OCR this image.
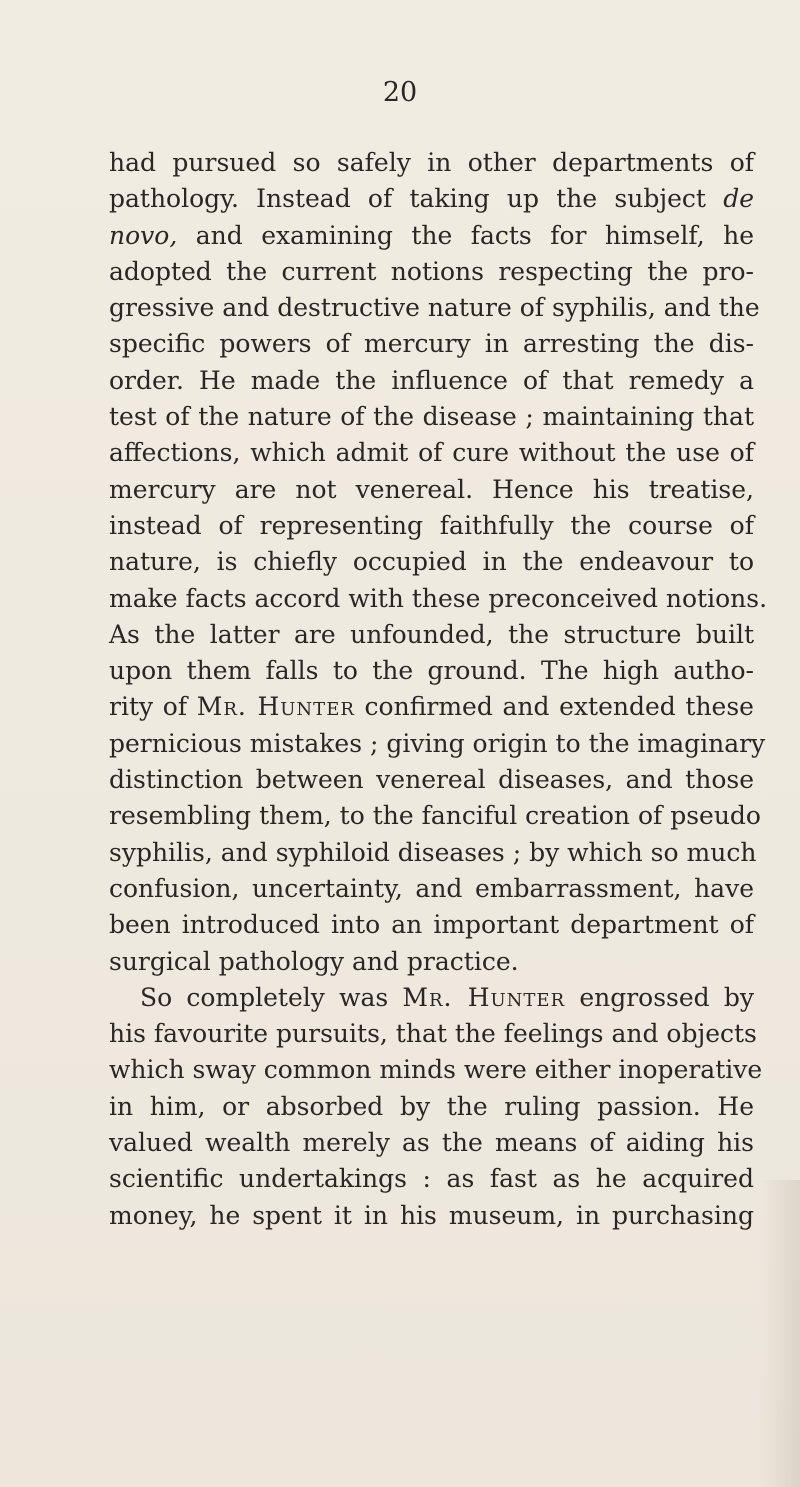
20
had pursued so safely in other departments of
pathology. Instead of taking up the subject de
novo, and examining the facts for himself, he
adopted the current notions respecting the pro-
gressive and destructive nature of syphilis, and the
specific powers of mercury in arresting the dis-
order. He made the influence of that remedy a
test of the nature of the disease ; maintaining that
affections, which admit of cure without the use of
mercury are not venereal. Hence his treatise,
instead of representing faithfully the course of
nature, is chiefly occupied in the endeavour to
make facts accord with these preconceived notions.
As the latter are unfounded, the structure built
upon them falls to the ground. The high autho-
rity of Mr. Hunter confirmed and extended these
pernicious mistakes ; giving origin to the imaginary
distinction between venereal diseases, and those
resembling them, to the fanciful creation of pseudo
syphilis, and syphiloid diseases ; by which so much
confusion, uncertainty, and embarrassment, have
been introduced into an important department of
surgical pathology and practice.
So completely was Mr. Hunter engrossed by
his favourite pursuits, that the feelings and objects
which sway common minds were either inoperative
in him, or absorbed by the ruling passion. He
valued wealth merely as the means of aiding his
scientific undertakings : as fast as he acquired
money, he spent it in his museum, in purchasing
